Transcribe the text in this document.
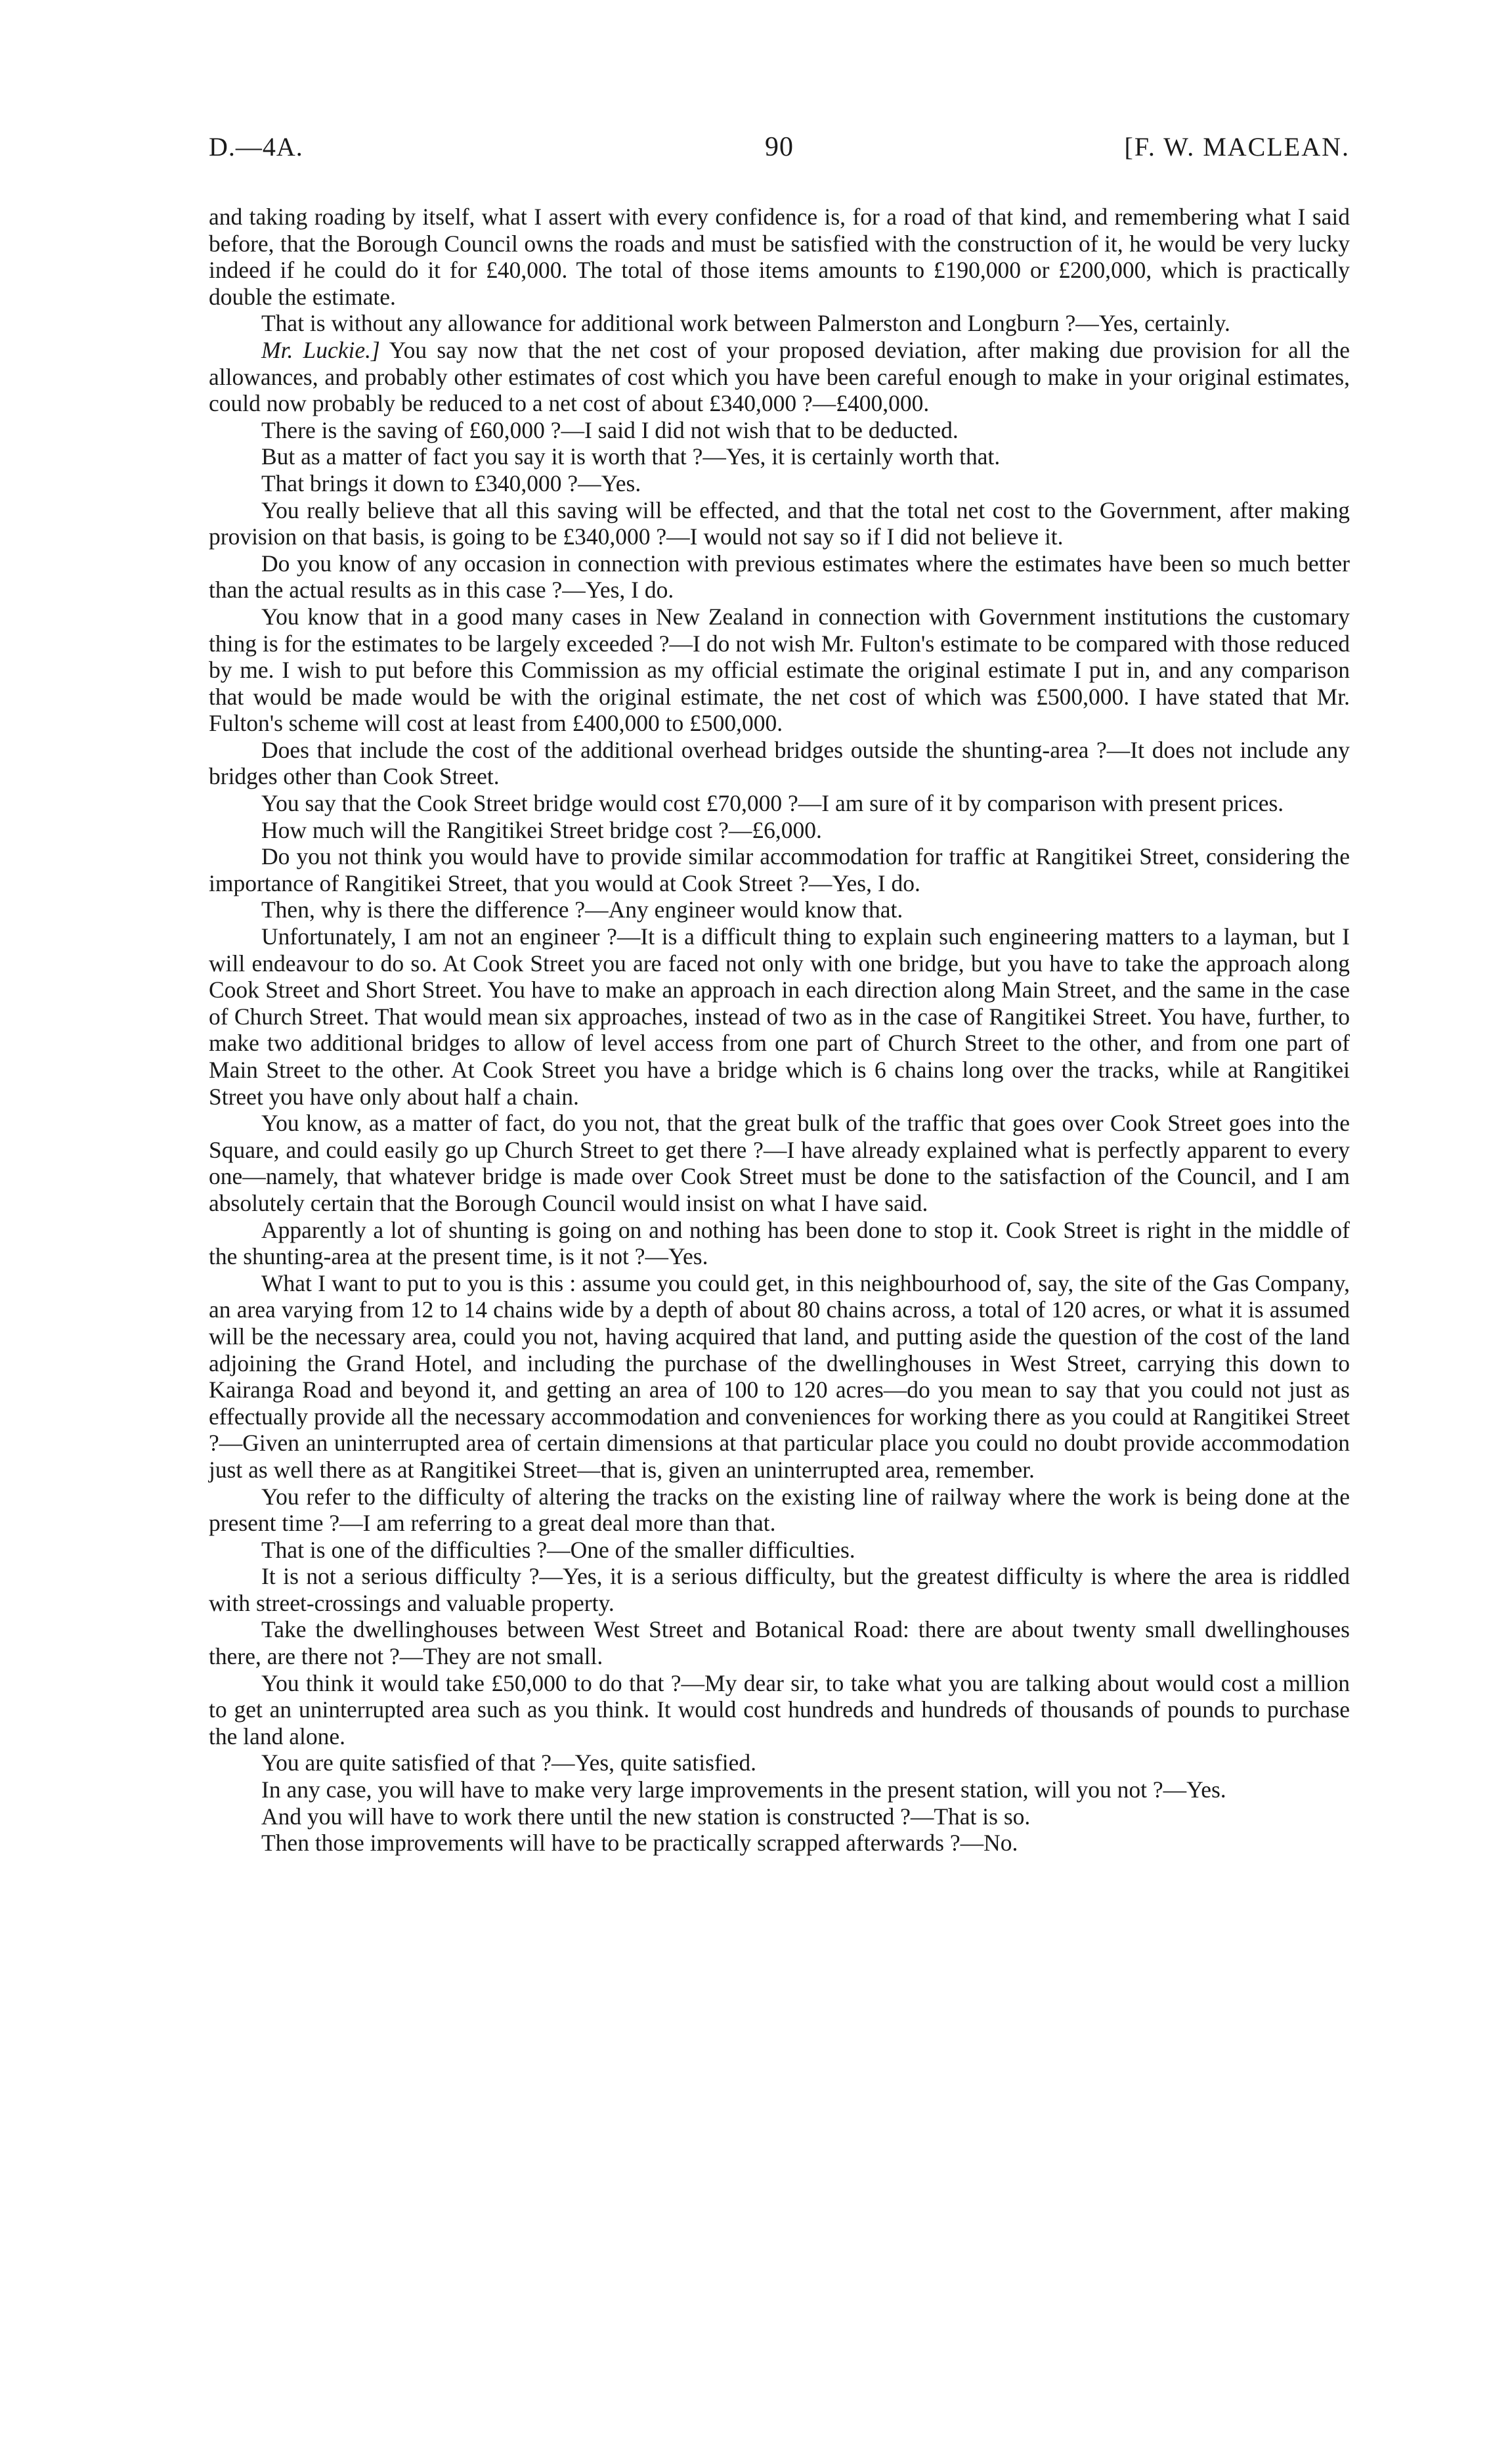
D.—4A.	90	[F. W. MACLEAN.

and taking roading by itself, what I assert with every confidence is, for a road of that kind, and remembering what I said before, that the Borough Council owns the roads and must be satisfied with the construction of it, he would be very lucky indeed if he could do it for £40,000. The total of those items amounts to £190,000 or £200,000, which is practically double the estimate.

That is without any allowance for additional work between Palmerston and Longburn ?—Yes, certainly.

Mr. Luckie.] You say now that the net cost of your proposed deviation, after making due provision for all the allowances, and probably other estimates of cost which you have been careful enough to make in your original estimates, could now probably be reduced to a net cost of about £340,000 ?—£400,000.

There is the saving of £60,000 ?—I said I did not wish that to be deducted.

But as a matter of fact you say it is worth that ?—Yes, it is certainly worth that.

That brings it down to £340,000 ?—Yes.

You really believe that all this saving will be effected, and that the total net cost to the Government, after making provision on that basis, is going to be £340,000 ?—I would not say so if I did not believe it.

Do you know of any occasion in connection with previous estimates where the estimates have been so much better than the actual results as in this case ?—Yes, I do.

You know that in a good many cases in New Zealand in connection with Government institutions the customary thing is for the estimates to be largely exceeded ?—I do not wish Mr. Fulton's estimate to be compared with those reduced by me. I wish to put before this Commission as my official estimate the original estimate I put in, and any comparison that would be made would be with the original estimate, the net cost of which was £500,000. I have stated that Mr. Fulton's scheme will cost at least from £400,000 to £500,000.

Does that include the cost of the additional overhead bridges outside the shunting-area ?—It does not include any bridges other than Cook Street.

You say that the Cook Street bridge would cost £70,000 ?—I am sure of it by comparison with present prices.

How much will the Rangitikei Street bridge cost ?—£6,000.

Do you not think you would have to provide similar accommodation for traffic at Rangitikei Street, considering the importance of Rangitikei Street, that you would at Cook Street ?—Yes, I do.

Then, why is there the difference ?—Any engineer would know that.

Unfortunately, I am not an engineer ?—It is a difficult thing to explain such engineering matters to a layman, but I will endeavour to do so. At Cook Street you are faced not only with one bridge, but you have to take the approach along Cook Street and Short Street. You have to make an approach in each direction along Main Street, and the same in the case of Church Street. That would mean six approaches, instead of two as in the case of Rangitikei Street. You have, further, to make two additional bridges to allow of level access from one part of Church Street to the other, and from one part of Main Street to the other. At Cook Street you have a bridge which is 6 chains long over the tracks, while at Rangitikei Street you have only about half a chain.

You know, as a matter of fact, do you not, that the great bulk of the traffic that goes over Cook Street goes into the Square, and could easily go up Church Street to get there ?—I have already explained what is perfectly apparent to every one—namely, that whatever bridge is made over Cook Street must be done to the satisfaction of the Council, and I am absolutely certain that the Borough Council would insist on what I have said.

Apparently a lot of shunting is going on and nothing has been done to stop it. Cook Street is right in the middle of the shunting-area at the present time, is it not ?—Yes.

What I want to put to you is this : assume you could get, in this neighbourhood of, say, the site of the Gas Company, an area varying from 12 to 14 chains wide by a depth of about 80 chains across, a total of 120 acres, or what it is assumed will be the necessary area, could you not, having acquired that land, and putting aside the question of the cost of the land adjoining the Grand Hotel, and including the purchase of the dwellinghouses in West Street, carrying this down to Kairanga Road and beyond it, and getting an area of 100 to 120 acres—do you mean to say that you could not just as effectually provide all the necessary accommodation and conveniences for working there as you could at Rangitikei Street ?—Given an uninterrupted area of certain dimensions at that particular place you could no doubt provide accommodation just as well there as at Rangitikei Street—that is, given an uninterrupted area, remember.

You refer to the difficulty of altering the tracks on the existing line of railway where the work is being done at the present time ?—I am referring to a great deal more than that.

That is one of the difficulties ?—One of the smaller difficulties.

It is not a serious difficulty ?—Yes, it is a serious difficulty, but the greatest difficulty is where the area is riddled with street-crossings and valuable property.

Take the dwellinghouses between West Street and Botanical Road: there are about twenty small dwellinghouses there, are there not ?—They are not small.

You think it would take £50,000 to do that ?—My dear sir, to take what you are talking about would cost a million to get an uninterrupted area such as you think. It would cost hundreds and hundreds of thousands of pounds to purchase the land alone.

You are quite satisfied of that ?—Yes, quite satisfied.

In any case, you will have to make very large improvements in the present station, will you not ?—Yes.

And you will have to work there until the new station is constructed ?—That is so.

Then those improvements will have to be practically scrapped afterwards ?—No.
